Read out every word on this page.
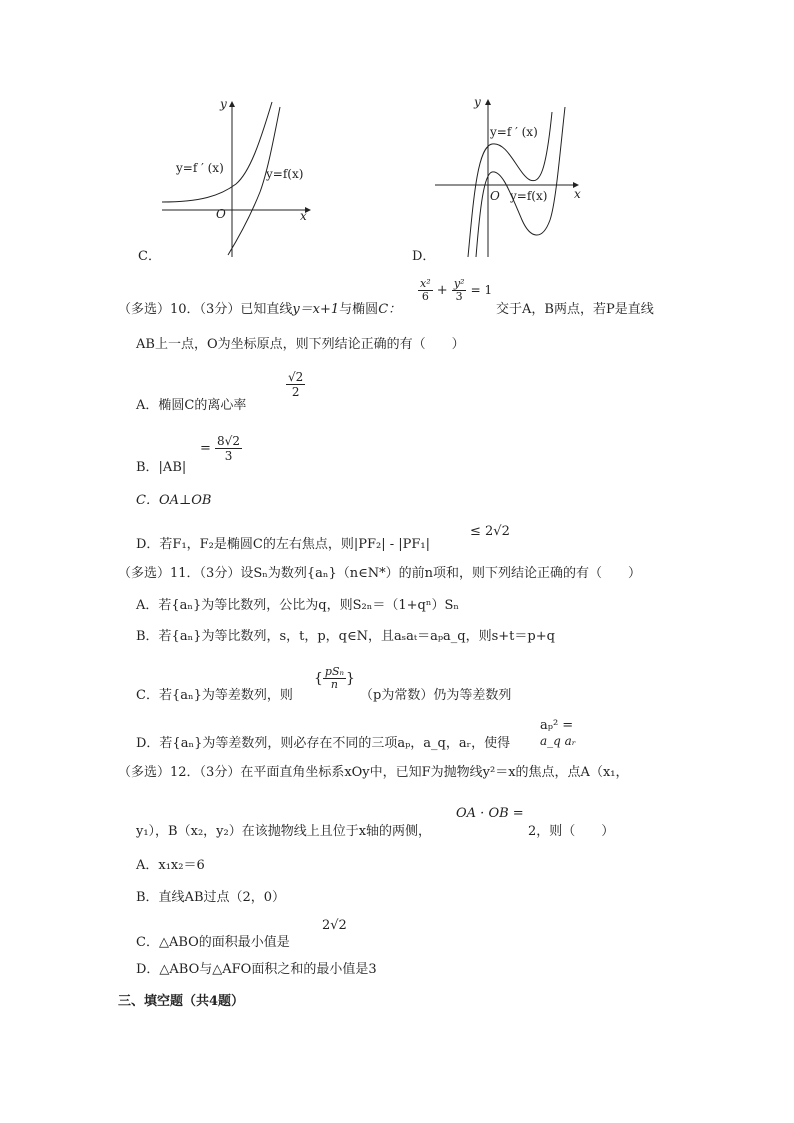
y
x
O
y=f ′ (x)	y=f(x)
C．
y
x
O
y=f ′ (x)
y=f(x)
D．
（多选）10．（3分）已知直线y＝x+1与椭圆C：
$\frac{\text{x²}}{6} + \frac{\text{y²}}{3} = 1$
交于A，B两点，若P是直线
AB上一点，O为坐标原点，则下列结论正确的有（　　）
A．椭圆C的离心率
$\frac{√2}{2}$
B．|AB|
= $\frac{8√2}{3}$
C．OA⊥OB
D．若F₁，F₂是椭圆C的左右焦点，则|PF₂| - |PF₁|
≤ 2√2
（多选）11．（3分）设Sₙ为数列{aₙ}（n∈N*）的前n项和，则下列结论正确的有（　　）
A．若{aₙ}为等比数列，公比为q，则S₂ₙ＝（1+qⁿ）Sₙ
B．若{aₙ}为等比数列，s，t，p，q∈N，且aₛaₜ＝aₚa_q，则s+t＝p+q
C．若{aₙ}为等差数列，则
{ $\frac{\text{pSₙ}}{n}$ }
（p为常数）仍为等差数列
D．若{aₙ}为等差数列，则必存在不同的三项aₚ，a_q，aᵣ，使得
aₚ² =
a_q aᵣ
（多选）12．（3分）在平面直角坐标系xOy中，已知F为抛物线y²＝x的焦点，点A（x₁，
y₁），B（x₂，y₂）在该抛物线上且位于x轴的两侧，
OA · OB =
2，则（　　）
A．x₁x₂＝6
B．直线AB过点（2，0）
C．△ABO的面积最小值是
2√2
D．△ABO与△AFO面积之和的最小值是3
三、填空题（共4题）
